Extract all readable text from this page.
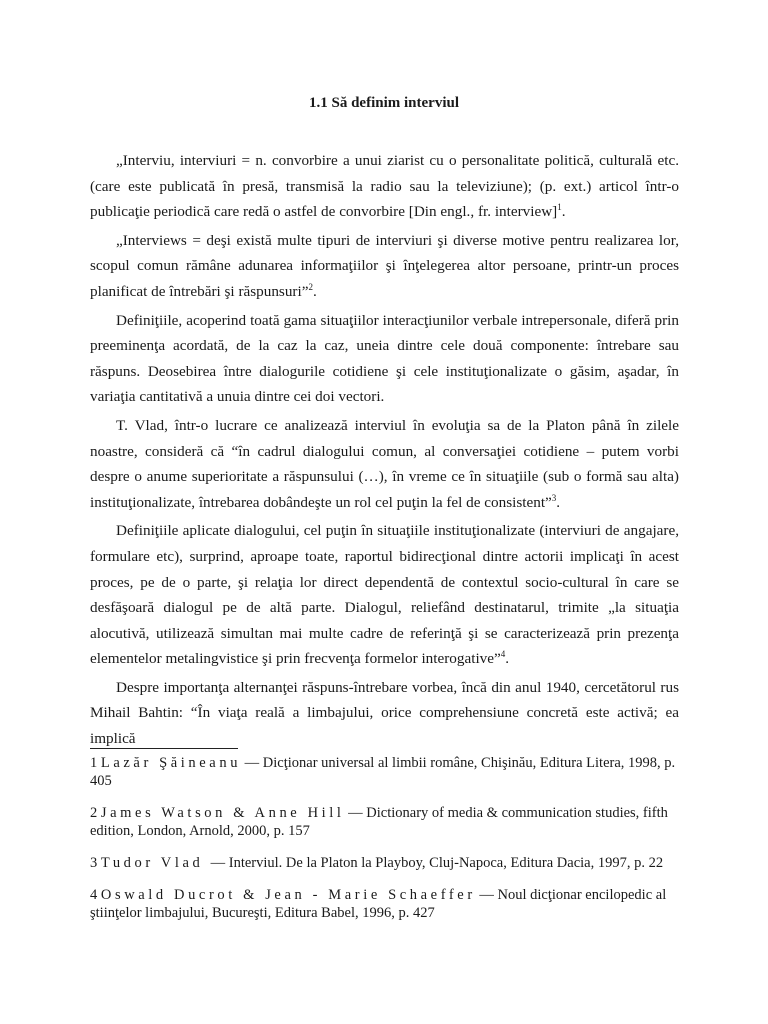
1.1 Să definim interviul

„Interviu, interviuri = n. convorbire a unui ziarist cu o personalitate politică, culturală etc. (care este publicată în presă, transmisă la radio sau la televiziune); (p. ext.) articol într-o publicaţie periodică care redă o astfel de convorbire [Din engl., fr. interview]$^1$.

„Interviews = deşi există multe tipuri de interviuri şi diverse motive pentru realizarea lor, scopul comun rămâne adunarea informaţiilor şi înţelegerea altor persoane, printr-un proces planificat de întrebări şi răspunsuri”$^2$.

Definiţiile, acoperind toată gama situaţiilor interacţiunilor verbale intrepersonale, diferă prin preeminenţa acordată, de la caz la caz, uneia dintre cele două componente: întrebare sau răspuns. Deosebirea între dialogurile cotidiene şi cele instituţionalizate o găsim, aşadar, în variaţia cantitativă a unuia dintre cei doi vectori.

T. Vlad, într-o lucrare ce analizează interviul în evoluţia sa de la Platon până în zilele noastre, consideră că “în cadrul dialogului comun, al conversaţiei cotidiene – putem vorbi despre o anume superioritate a răspunsului (…), în vreme ce în situaţiile (sub o formă sau alta) instituţionalizate, întrebarea dobândeşte un rol cel puţin la fel de consistent”$^3$.

Definiţiile aplicate dialogului, cel puţin în situaţiile instituţionalizate (interviuri de angajare, formulare etc), surprind, aproape toate, raportul bidirecţional dintre actorii implicaţi în acest proces, pe de o parte, şi relaţia lor direct dependentă de contextul socio-cultural în care se desfăşoară dialogul pe de altă parte. Dialogul, reliefând destinatarul, trimite „la situaţia alocutivă, utilizează simultan mai multe cadre de referinţă şi se caracterizează prin prezenţa elementelor metalingvistice şi prin frecvenţa formelor interogative”$^4$.

Despre importanţa alternanţei răspuns-întrebare vorbea, încă din anul 1940, cercetătorul rus Mihail Bahtin: “În viaţa reală a limbajului, orice comprehensiune concretă este activă; ea implică

1 Lazăr Şăineanu — Dicţionar universal al limbii române, Chişinău, Editura Litera, 1998, p. 405
2 James Watson & Anne Hill — Dictionary of media & communication studies, fifth edition, London, Arnold, 2000, p. 157
3 Tudor Vlad  — Interviul. De la Platon la Playboy, Cluj-Napoca, Editura Dacia, 1997, p. 22
4 Oswald Ducrot & Jean - Marie Schaeffer — Noul dicţionar encilopedic al ştiinţelor limbajului, Bucureşti, Editura Babel, 1996, p. 427
